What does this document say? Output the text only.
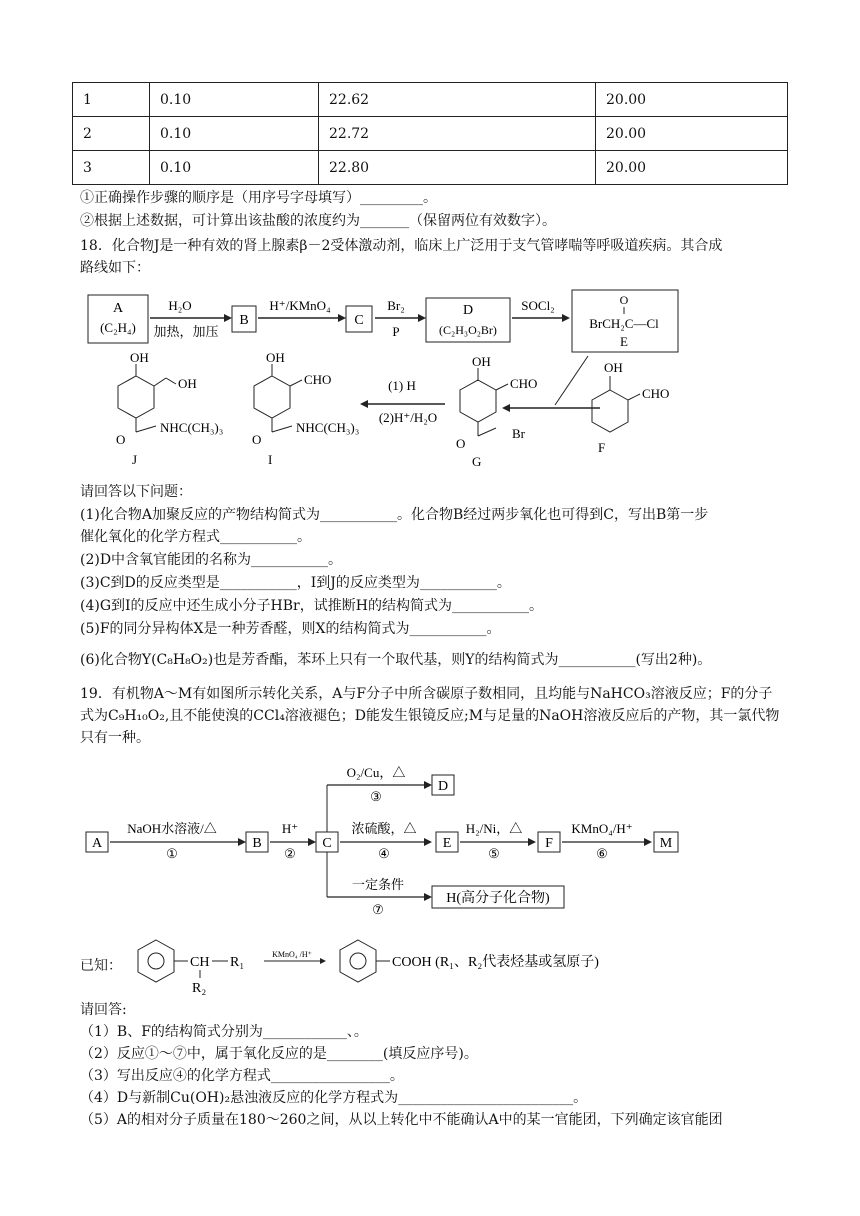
1	0.10	22.62	20.00
2	0.10	22.72	20.00
3	0.10	22.80	20.00
①正确操作步骤的顺序是（用序号字母填写）_________。
②根据上述数据，可计算出该盐酸的浓度约为_______（保留两位有效数字）。
18．化合物J是一种有效的肾上腺素β－2受体激动剂，临床上广泛用于支气管哮喘等呼吸道疾病。其合成
路线如下：
A
(C₂H₄)
H₂O
加热，加压
B
H⁺/KMnO₄
C
Br₂
P
D
(C₂H₃O₂Br)
SOCl₂	O
BrCH₂C—Cl
E
OH
CHO
F
OH
CHO
Br
O
G
(1) H
(2)H⁺/H₂O
OH
CHO
NHC(CH₃)₃
O
I
OH
OH
NHC(CH₃)₃
O
J
请回答以下问题：
(1)化合物A加聚反应的产物结构简式为___________。化合物B经过两步氧化也可得到C，写出B第一步
催化氧化的化学方程式___________。
(2)D中含氧官能团的名称为___________。
(3)C到D的反应类型是___________，I到J的反应类型为___________。
(4)G到I的反应中还生成小分子HBr，试推断H的结构简式为___________。
(5)F的同分异构体X是一种芳香醛，则X的结构简式为___________。
(6)化合物Y(C₈H₈O₂)也是芳香酯，苯环上只有一个取代基，则Y的结构简式为___________(写出2种)。
19．有机物A～M有如图所示转化关系，A与F分子中所含碳原子数相同，且均能与NaHCO₃溶液反应；F的分子式为C₉H₁₀O₂,且不能使溴的CCl₄溶液褪色；D能发生银镜反应;M与足量的NaOH溶液反应后的产物，其一氯代物只有一种。
A
NaOH水溶液/△
①
B
H⁺
②
C
O₂/Cu，△
③
D
浓硫酸，△
④
E
H₂/Ni，△
⑤
F
KMnO₄/H⁺
⑥
M
一定条件
⑦
H(高分子化合物)
已知：	CH R₁
R₂
KMnO₄ /H⁺
COOH (R₁、R₂代表烃基或氢原子)
请回答:
（1）B、F的结构简式分别为____________、。
（2）反应①～⑦中，属于氧化反应的是________(填反应序号)。
（3）写出反应④的化学方程式_________________。
（4）D与新制Cu(OH)₂悬浊液反应的化学方程式为_________________________。
（5）A的相对分子质量在180～260之间，从以上转化中不能确认A中的某一官能团，下列确定该官能团
